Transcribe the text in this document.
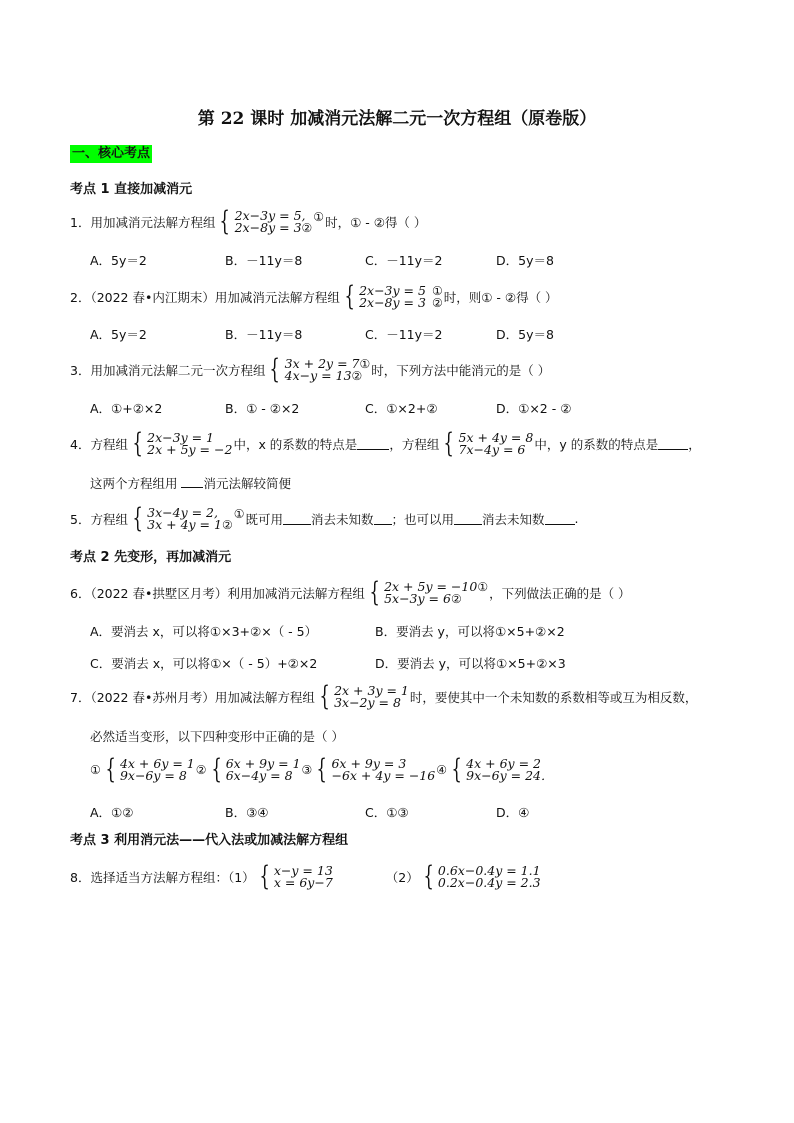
第 22 课时 加减消元法解二元一次方程组（原卷版）
一、核心考点
考点 1 直接加减消元
1．用加减消元法解方程组 { 2x−3y = 5,
2x−8y = 3②
① 时，① - ②得（ ）
A．5y＝2	B．－11y＝8	C．－11y＝2	D．5y＝8
2．（2022 春•内江期末）用加减消元法解方程组 { 2x−3y = 5
2x−8y = 3
①
② 时，则① - ②得（ ）
A．5y＝2	B．－11y＝8	C．－11y＝2	D．5y＝8
3．用加减消元法解二元一次方程组 { 3x + 2y = 7①
4x−y = 13② 时，下列方法中能消元的是（ ）
A．①+②×2	B．① - ②×2	C．①×2+②	D．①×2 - ②
4．方程组 { 2x−3y = 1
2x + 5y = −2 中，x 的系数的特点是	，方程组 { 5x + 4y = 8
7x−4y = 6 中，y 的系数的特点是 ，
这两个方程组用 消元法解较简便
5．方程组 { 3x−4y = 2,
3x + 4y = 1②
① 既可用 消去未知数 ；也可以用 消去未知数 .
考点 2 先变形，再加减消元
6．（2022 春•拱墅区月考）利用加减消元法解方程组 { 2x + 5y = −10①
5x−3y = 6②	，下列做法正确的是（ ）
A．要消去 x，可以将①×3+②×（ - 5）	B．要消去 y，可以将①×5+②×2
C．要消去 x，可以将①×（ - 5）+②×2	D．要消去 y，可以将①×5+②×3
7．（2022 春•苏州月考）用加减法解方程组 { 2x + 3y = 1
3x−2y = 8 时，要使其中一个未知数的系数相等或互为相反数，
必然适当变形，以下四种变形中正确的是（ ）
① { 4x + 6y = 1
9x−6y = 8 ② { 6x + 9y = 1
6x−4y = 8 ③ { 6x + 9y = 3
−6x + 4y = −16 ④ { 4x + 6y = 2
9x−6y = 24．
A．①②	B．③④	C．①③	D．④
考点 3 利用消元法——代入法或加减法解方程组
8．选择适当方法解方程组：（1） { x−y = 13
x = 6y−7	（2） { 0.6x−0.4y = 1.1
0.2x−0.4y = 2.3
